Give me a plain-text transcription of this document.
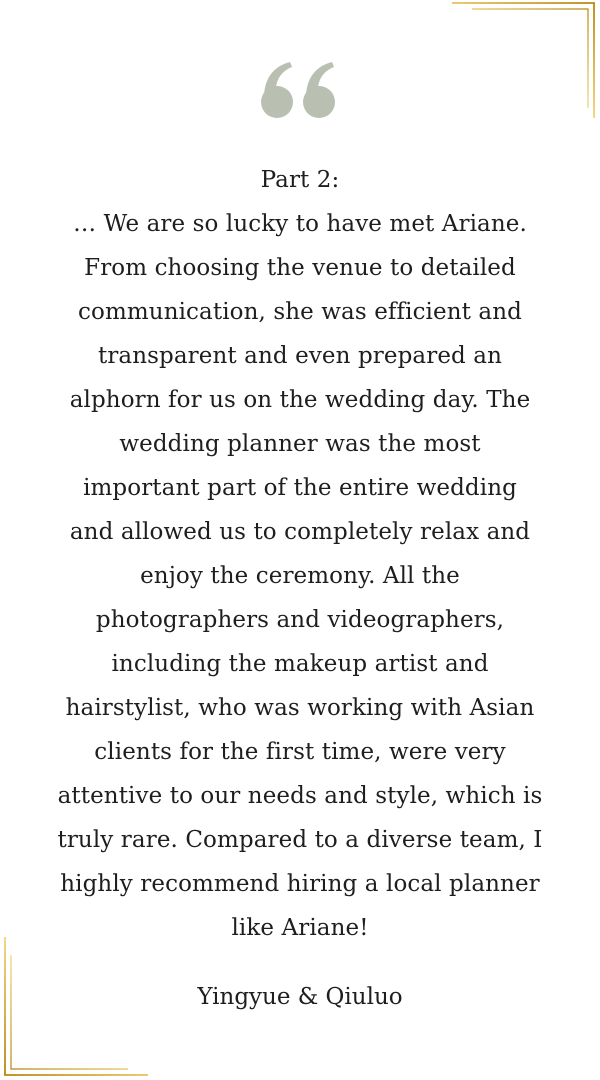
Part 2:
… We are so lucky to have met Ariane.
From choosing the venue to detailed
communication, she was efficient and
transparent and even prepared an
alphorn for us on the wedding day. The
wedding planner was the most
important part of the entire wedding
and allowed us to completely relax and
enjoy the ceremony. All the
photographers and videographers,
including the makeup artist and
hairstylist, who was working with Asian
clients for the first time, were very
attentive to our needs and style, which is
truly rare. Compared to a diverse team, I
highly recommend hiring a local planner
like Ariane!
Yingyue & Qiuluo
